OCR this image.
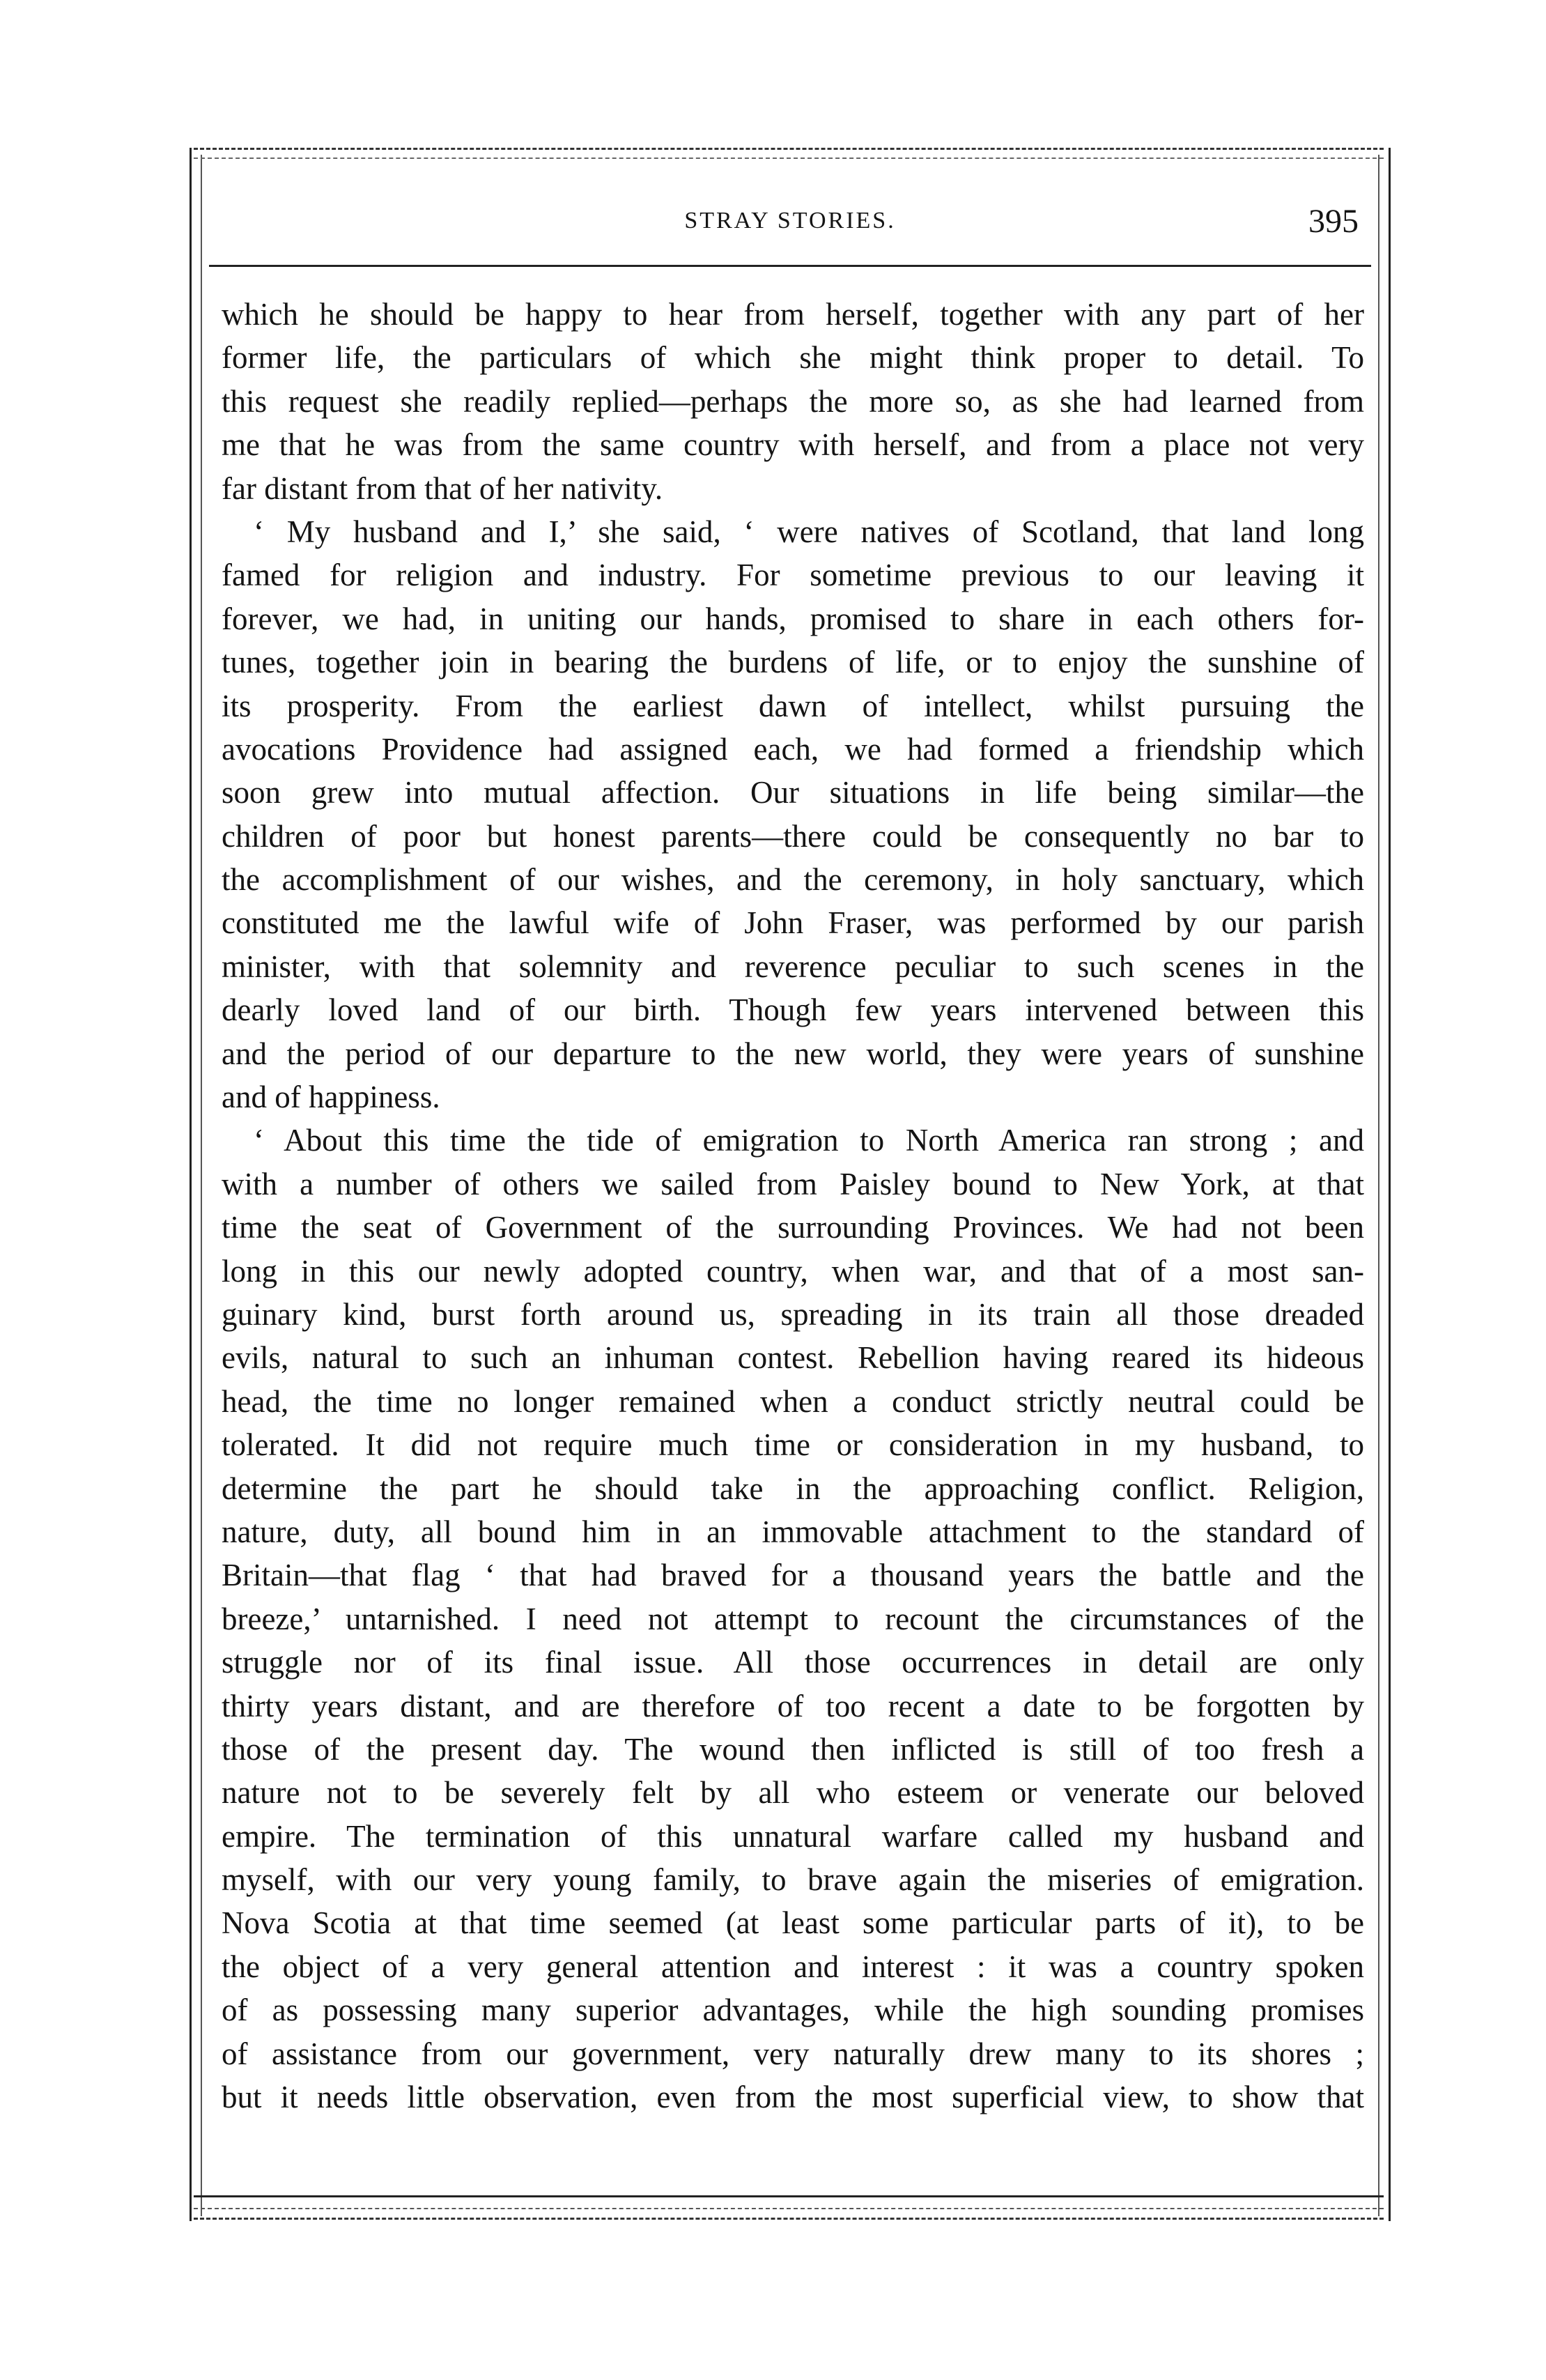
STRAY STORIES.	395
which he should be happy to hear from herself, together with any part of her
former life, the particulars of which she might think proper to detail. To
this request she readily replied—perhaps the more so, as she had learned from
me that he was from the same country with herself, and from a place not very
far distant from that of her nativity.
‘ My husband and I,’ she said, ‘ were natives of Scotland, that land long
famed for religion and industry. For sometime previous to our leaving it
forever, we had, in uniting our hands, promised to share in each others for-
tunes, together join in bearing the burdens of life, or to enjoy the sunshine of
its prosperity. From the earliest dawn of intellect, whilst pursuing the
avocations Providence had assigned each, we had formed a friendship which
soon grew into mutual affection. Our situations in life being similar—the
children of poor but honest parents—there could be consequently no bar to
the accomplishment of our wishes, and the ceremony, in holy sanctuary, which
constituted me the lawful wife of John Fraser, was performed by our parish
minister, with that solemnity and reverence peculiar to such scenes in the
dearly loved land of our birth. Though few years intervened between this
and the period of our departure to the new world, they were years of sunshine
and of happiness.
‘ About this time the tide of emigration to North America ran strong ; and
with a number of others we sailed from Paisley bound to New York, at that
time the seat of Government of the surrounding Provinces. We had not been
long in this our newly adopted country, when war, and that of a most san-
guinary kind, burst forth around us, spreading in its train all those dreaded
evils, natural to such an inhuman contest. Rebellion having reared its hideous
head, the time no longer remained when a conduct strictly neutral could be
tolerated. It did not require much time or consideration in my husband, to
determine the part he should take in the approaching conflict. Religion,
nature, duty, all bound him in an immovable attachment to the standard of
Britain—that flag ‘ that had braved for a thousand years the battle and the
breeze,’ untarnished. I need not attempt to recount the circumstances of the
struggle nor of its final issue. All those occurrences in detail are only
thirty years distant, and are therefore of too recent a date to be forgotten by
those of the present day. The wound then inflicted is still of too fresh a
nature not to be severely felt by all who esteem or venerate our beloved
empire. The termination of this unnatural warfare called my husband and
myself, with our very young family, to brave again the miseries of emigration.
Nova Scotia at that time seemed (at least some particular parts of it), to be
the object of a very general attention and interest : it was a country spoken
of as possessing many superior advantages, while the high sounding promises
of assistance from our government, very naturally drew many to its shores ;
but it needs little observation, even from the most superficial view, to show that
